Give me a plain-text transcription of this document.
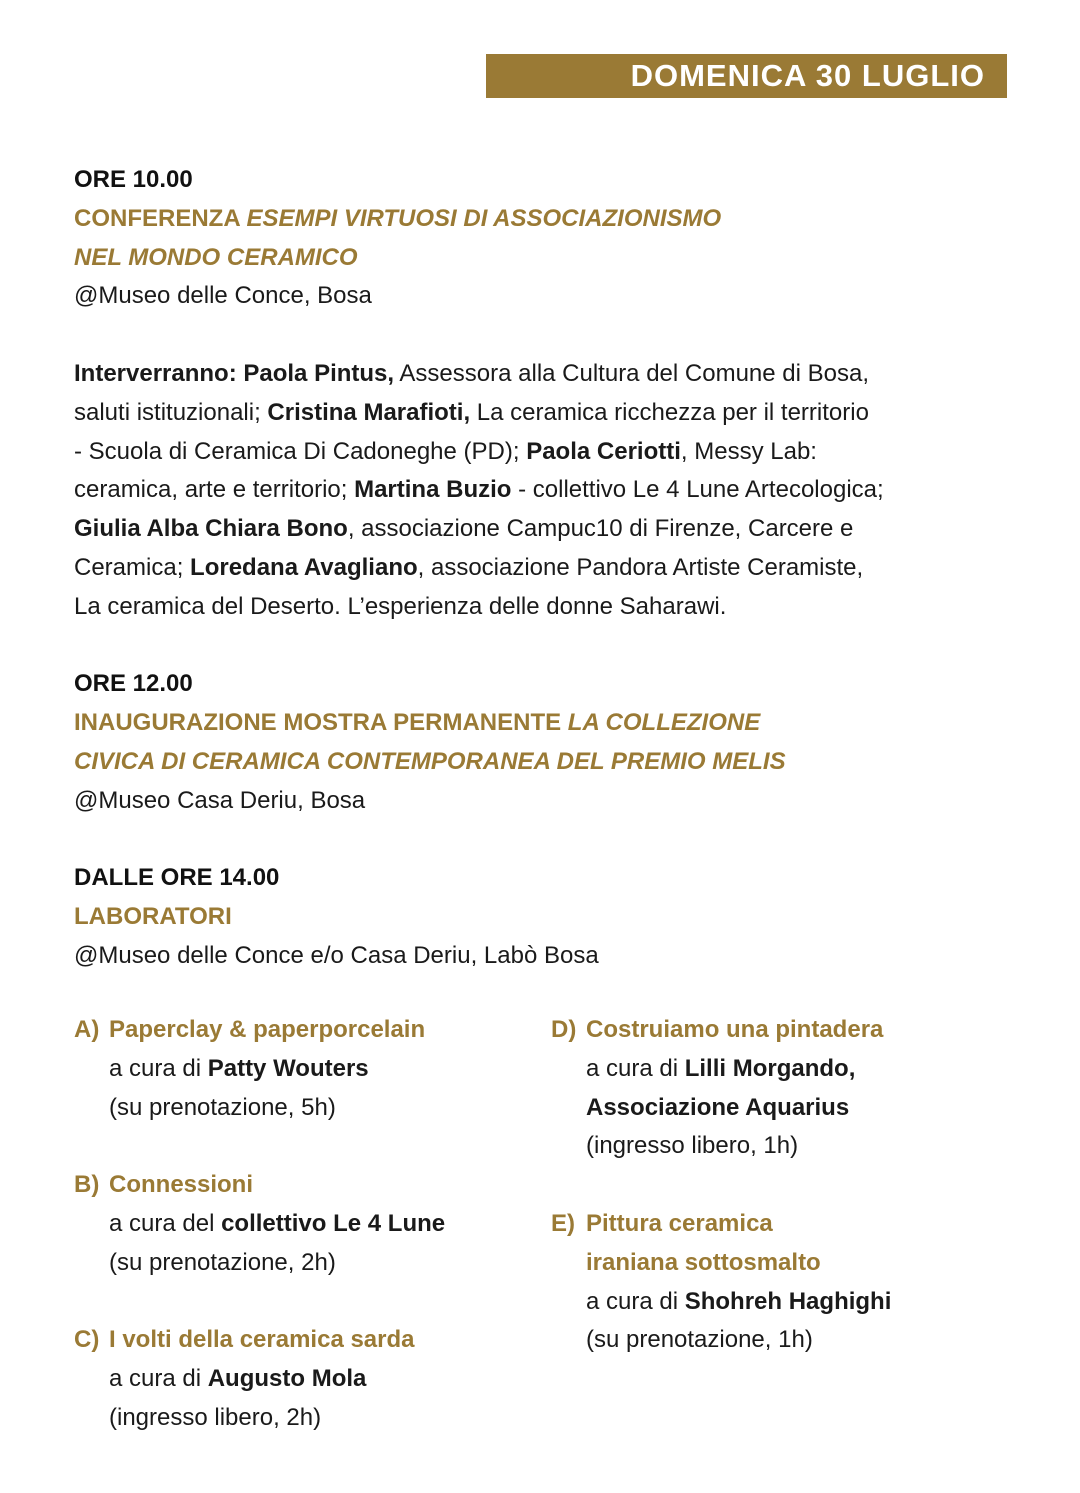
DOMENICA 30 LUGLIO

ORE 10.00

CONFERENZA ESEMPI VIRTUOSI DI ASSOCIAZIONISMO

NEL MONDO CERAMICO

@Museo delle Conce, Bosa

Interverranno: Paola Pintus, Assessora alla Cultura del Comune di Bosa,
saluti istituzionali; Cristina Marafioti, La ceramica ricchezza per il territorio
- Scuola di Ceramica Di Cadoneghe (PD); Paola Ceriotti, Messy Lab:
ceramica, arte e territorio; Martina Buzio - collettivo Le 4 Lune Artecologica;
Giulia Alba Chiara Bono, associazione Campuc10 di Firenze, Carcere e
Ceramica; Loredana Avagliano, associazione Pandora Artiste Ceramiste,
La ceramica del Deserto. L’esperienza delle donne Saharawi.

ORE 12.00

INAUGURAZIONE MOSTRA PERMANENTE LA COLLEZIONE

CIVICA DI CERAMICA CONTEMPORANEA DEL PREMIO MELIS

@Museo Casa Deriu, Bosa

DALLE ORE 14.00

LABORATORI

@Museo delle Conce e/o Casa Deriu, Labò Bosa

A) Paperclay & paperporcelain
a cura di Patty Wouters
(su prenotazione, 5h)
B) Connessioni
a cura del collettivo Le 4 Lune
(su prenotazione, 2h)
C) I volti della ceramica sarda
a cura di Augusto Mola
(ingresso libero, 2h)
D) Costruiamo una pintadera
a cura di Lilli Morgando,
Associazione Aquarius
(ingresso libero, 1h)
E) Pittura ceramica
iraniana sottosmalto
a cura di Shohreh Haghighi
(su prenotazione, 1h)
